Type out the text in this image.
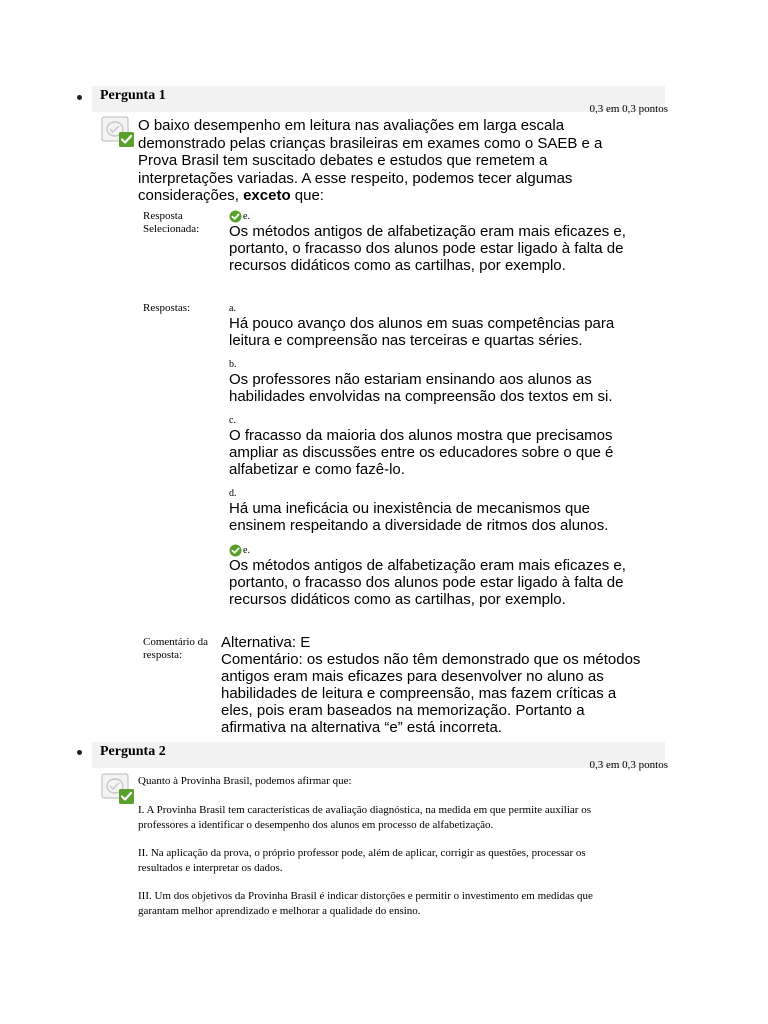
Pergunta 1
0,3 em 0,3 pontos
O baixo desempenho em leitura nas avaliações em larga escala demonstrado pelas crianças brasileiras em exames como o SAEB e a Prova Brasil tem suscitado debates e estudos que remetem a interpretações variadas. A esse respeito, podemos tecer algumas considerações, exceto que:
Resposta Selecionada:
e.
Os métodos antigos de alfabetização eram mais eficazes e, portanto, o fracasso dos alunos pode estar ligado à falta de recursos didáticos como as cartilhas, por exemplo.
Respostas:	a.
Há pouco avanço dos alunos em suas competências para leitura e compreensão nas terceiras e quartas séries.
b.
Os professores não estariam ensinando aos alunos as habilidades envolvidas na compreensão dos textos em si.
c.
O fracasso da maioria dos alunos mostra que precisamos ampliar as discussões entre os educadores sobre o que é alfabetizar e como fazê-lo.
d.
Há uma ineficácia ou inexistência de mecanismos que ensinem respeitando a diversidade de ritmos dos alunos.
e.
Os métodos antigos de alfabetização eram mais eficazes e, portanto, o fracasso dos alunos pode estar ligado à falta de recursos didáticos como as cartilhas, por exemplo.
Comentário da resposta:
Alternativa: E
Comentário: os estudos não têm demonstrado que os métodos antigos eram mais eficazes para desenvolver no aluno as habilidades de leitura e compreensão, mas fazem críticas a eles, pois eram baseados na memorização. Portanto a afirmativa na alternativa “e” está incorreta.
Pergunta 2
0,3 em 0,3 pontos
Quanto à Provinha Brasil, podemos afirmar que:
I. A Provinha Brasil tem características de avaliação diagnóstica, na medida em que permite auxiliar os professores a identificar o desempenho dos alunos em processo de alfabetização.
II. Na aplicação da prova, o próprio professor pode, além de aplicar, corrigir as questões, processar os resultados e interpretar os dados.
III. Um dos objetivos da Provinha Brasil é indicar distorções e permitir o investimento em medidas que garantam melhor aprendizado e melhorar a qualidade do ensino.
